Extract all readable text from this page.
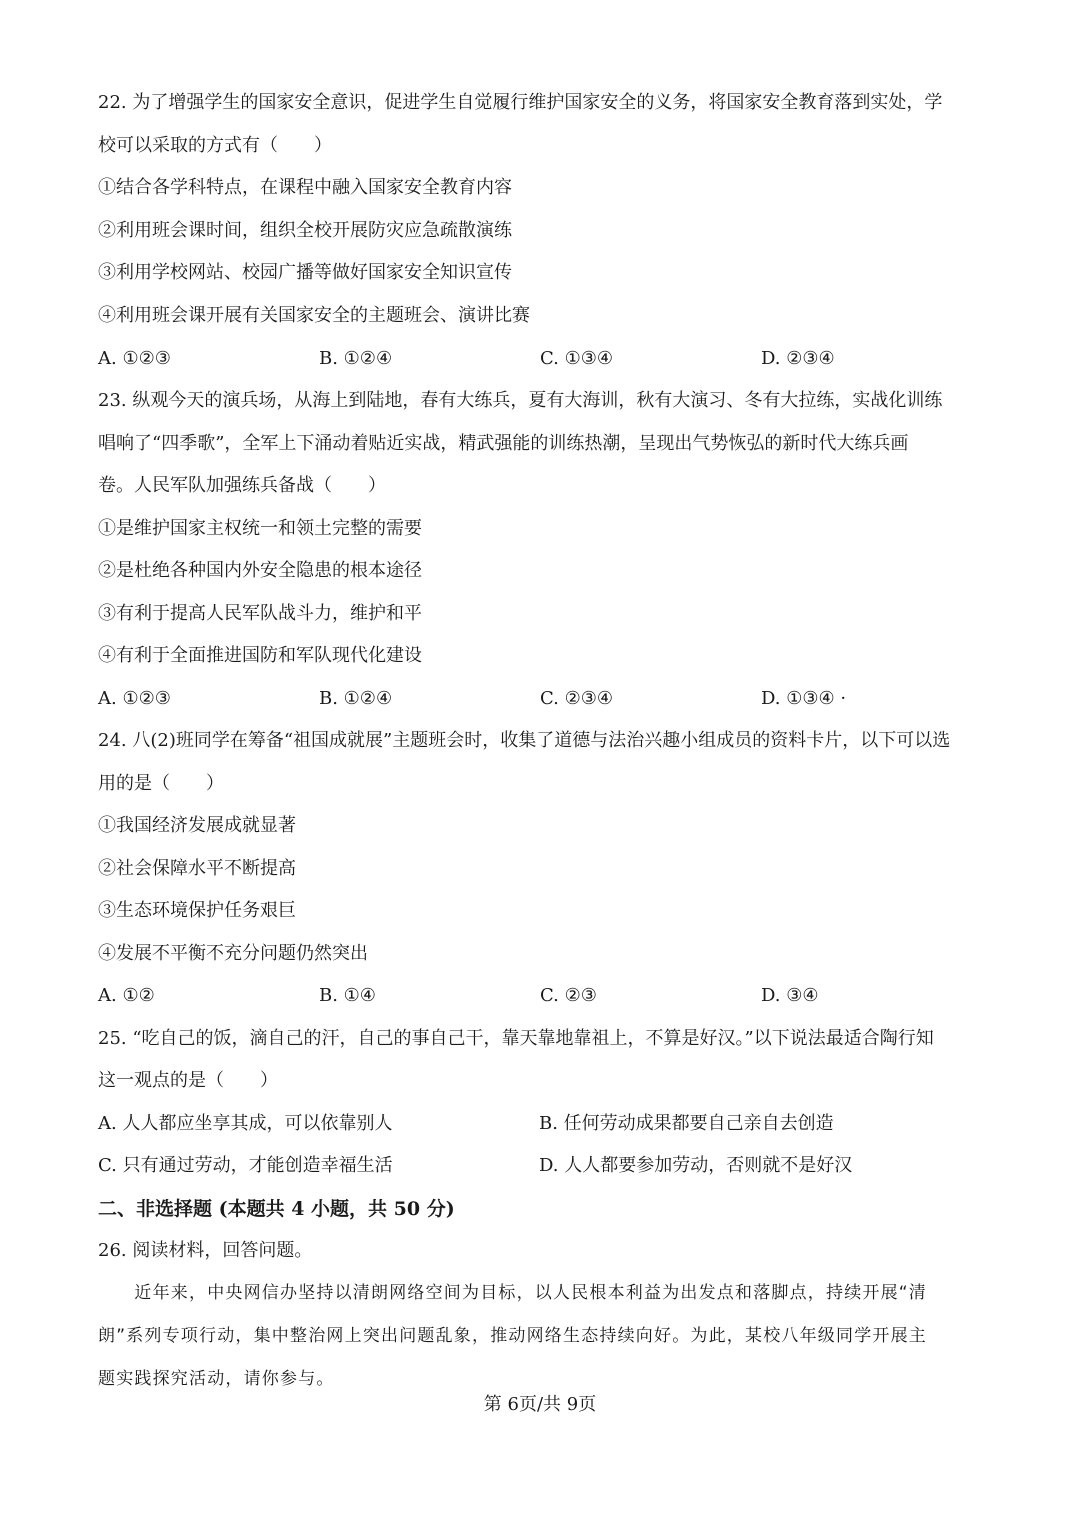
22. 为了增强学生的国家安全意识，促进学生自觉履行维护国家安全的义务，将国家安全教育落到实处，学
校可以采取的方式有（　　）
①结合各学科特点，在课程中融入国家安全教育内容
②利用班会课时间，组织全校开展防灾应急疏散演练
③利用学校网站、校园广播等做好国家安全知识宣传
④利用班会课开展有关国家安全的主题班会、演讲比赛
A. ①②③	B. ①②④	C. ①③④	D. ②③④
23. 纵观今天的演兵场，从海上到陆地，春有大练兵，夏有大海训，秋有大演习、冬有大拉练，实战化训练
唱响了“四季歌”，全军上下涌动着贴近实战，精武强能的训练热潮，呈现出气势恢弘的新时代大练兵画
卷。人民军队加强练兵备战（　　）
①是维护国家主权统一和领土完整的需要
②是杜绝各种国内外安全隐患的根本途径
③有利于提高人民军队战斗力，维护和平
④有利于全面推进国防和军队现代化建设
A. ①②③	B. ①②④	C. ②③④	D. ①③④ ·
24. 八(2)班同学在筹备“祖国成就展”主题班会时，收集了道德与法治兴趣小组成员的资料卡片，以下可以选
用的是（　　）
①我国经济发展成就显著
②社会保障水平不断提高
③生态环境保护任务艰巨
④发展不平衡不充分问题仍然突出
A. ①②	B. ①④	C. ②③	D. ③④
25. “吃自己的饭，滴自己的汗，自己的事自己干，靠天靠地靠祖上，不算是好汉。”以下说法最适合陶行知
这一观点的是（　　）
A. 人人都应坐享其成，可以依靠别人	B. 任何劳动成果都要自己亲自去创造
C. 只有通过劳动，才能创造幸福生活	D. 人人都要参加劳动，否则就不是好汉
二、非选择题 (本题共 4 小题，共 50 分)
26. 阅读材料，回答问题。
　　近年来，中央网信办坚持以清朗网络空间为目标，以人民根本利益为出发点和落脚点，持续开展“清
朗”系列专项行动，集中整治网上突出问题乱象，推动网络生态持续向好。为此，某校八年级同学开展主
题实践探究活动，请你参与。
第 6页/共 9页
